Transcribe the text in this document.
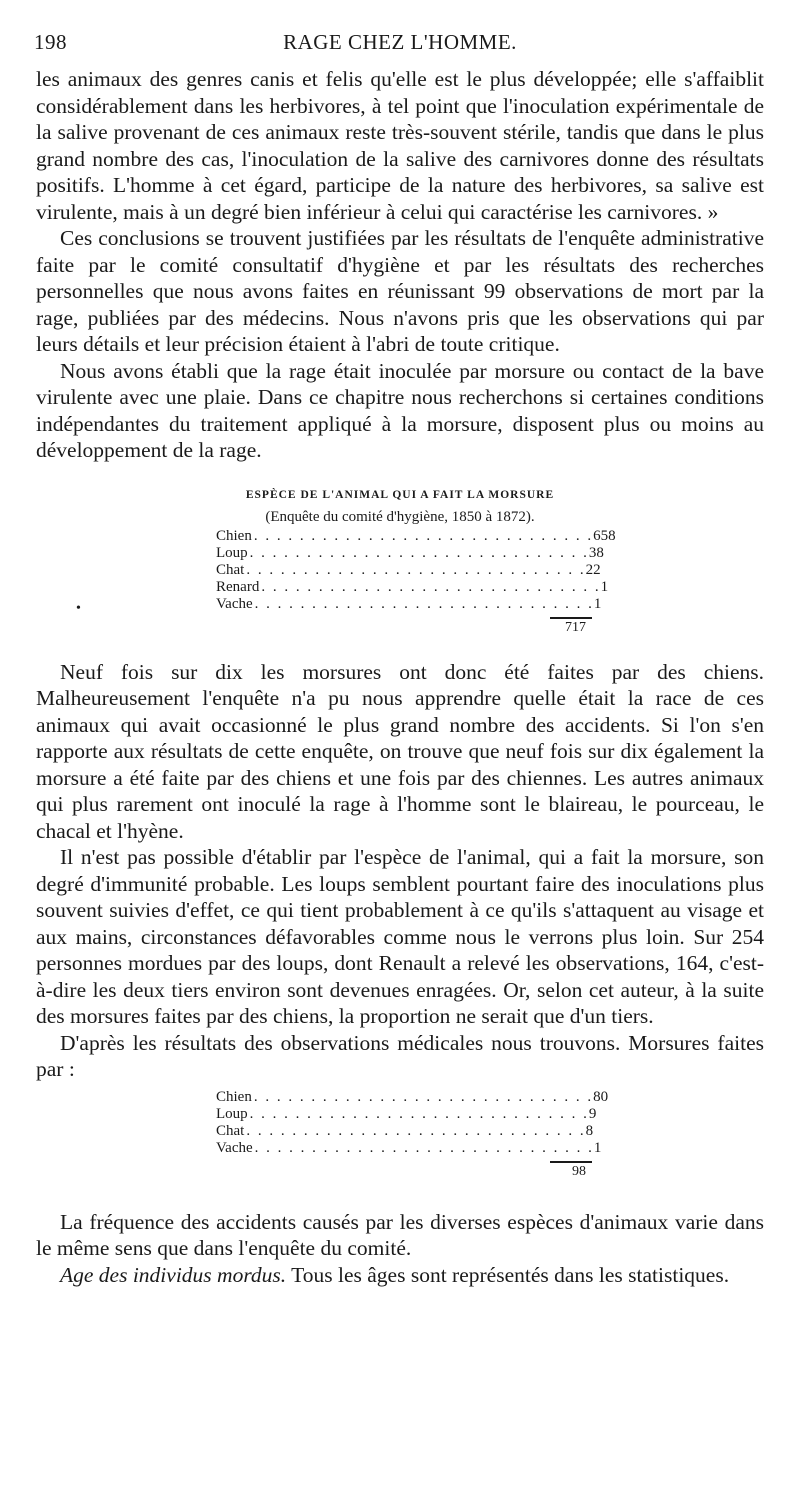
198	RAGE CHEZ L'HOMME.
•

les animaux des genres canis et felis qu'elle est le plus développée; elle s'affaiblit considérablement dans les herbivores, à tel point que l'inoculation expérimentale de la salive provenant de ces animaux reste très-souvent stérile, tandis que dans le plus grand nombre des cas, l'inoculation de la salive des carnivores donne des résultats positifs. L'homme à cet égard, participe de la nature des herbivores, sa salive est virulente, mais à un degré bien inférieur à celui qui caractérise les carnivores. »

Ces conclusions se trouvent justifiées par les résultats de l'enquête administrative faite par le comité consultatif d'hygiène et par les résultats des recherches personnelles que nous avons faites en réunissant 99 observations de mort par la rage, publiées par des médecins. Nous n'avons pris que les observations qui par leurs détails et leur précision étaient à l'abri de toute critique.

Nous avons établi que la rage était inoculée par morsure ou contact de la bave virulente avec une plaie. Dans ce chapitre nous recherchons si certaines conditions indépendantes du traitement appliqué à la morsure, disposent plus ou moins au développement de la rage.

ESPÈCE DE L'ANIMAL QUI A FAIT LA MORSURE
(Enquête du comité d'hygiène, 1850 à 1872).
Chien . . . . . . . . . . . . . . . . . . . . . . . . . . . . . . 658
Loup . . . . . . . . . . . . . . . . . . . . . . . . . . . . . . 38
Chat . . . . . . . . . . . . . . . . . . . . . . . . . . . . . . 22
Renard . . . . . . . . . . . . . . . . . . . . . . . . . . . . . . 1
Vache . . . . . . . . . . . . . . . . . . . . . . . . . . . . . . 1
717

Neuf fois sur dix les morsures ont donc été faites par des chiens. Malheureusement l'enquête n'a pu nous apprendre quelle était la race de ces animaux qui avait occasionné le plus grand nombre des accidents. Si l'on s'en rapporte aux résultats de cette enquête, on trouve que neuf fois sur dix également la morsure a été faite par des chiens et une fois par des chiennes. Les autres animaux qui plus rarement ont inoculé la rage à l'homme sont le blaireau, le pourceau, le chacal et l'hyène.

Il n'est pas possible d'établir par l'espèce de l'animal, qui a fait la morsure, son degré d'immunité probable. Les loups semblent pourtant faire des inoculations plus souvent suivies d'effet, ce qui tient probablement à ce qu'ils s'attaquent au visage et aux mains, circonstances défavorables comme nous le verrons plus loin. Sur 254 personnes mordues par des loups, dont Renault a relevé les observations, 164, c'est-à-dire les deux tiers environ sont devenues enragées. Or, selon cet auteur, à la suite des morsures faites par des chiens, la proportion ne serait que d'un tiers.

D'après les résultats des observations médicales nous trouvons. Morsures faites par :

Chien . . . . . . . . . . . . . . . . . . . . . . . . . . . . . . 80
Loup . . . . . . . . . . . . . . . . . . . . . . . . . . . . . . 9
Chat . . . . . . . . . . . . . . . . . . . . . . . . . . . . . . 8
Vache . . . . . . . . . . . . . . . . . . . . . . . . . . . . . . 1
98

La fréquence des accidents causés par les diverses espèces d'animaux varie dans le même sens que dans l'enquête du comité.

Age des individus mordus. Tous les âges sont représentés dans les statistiques.
